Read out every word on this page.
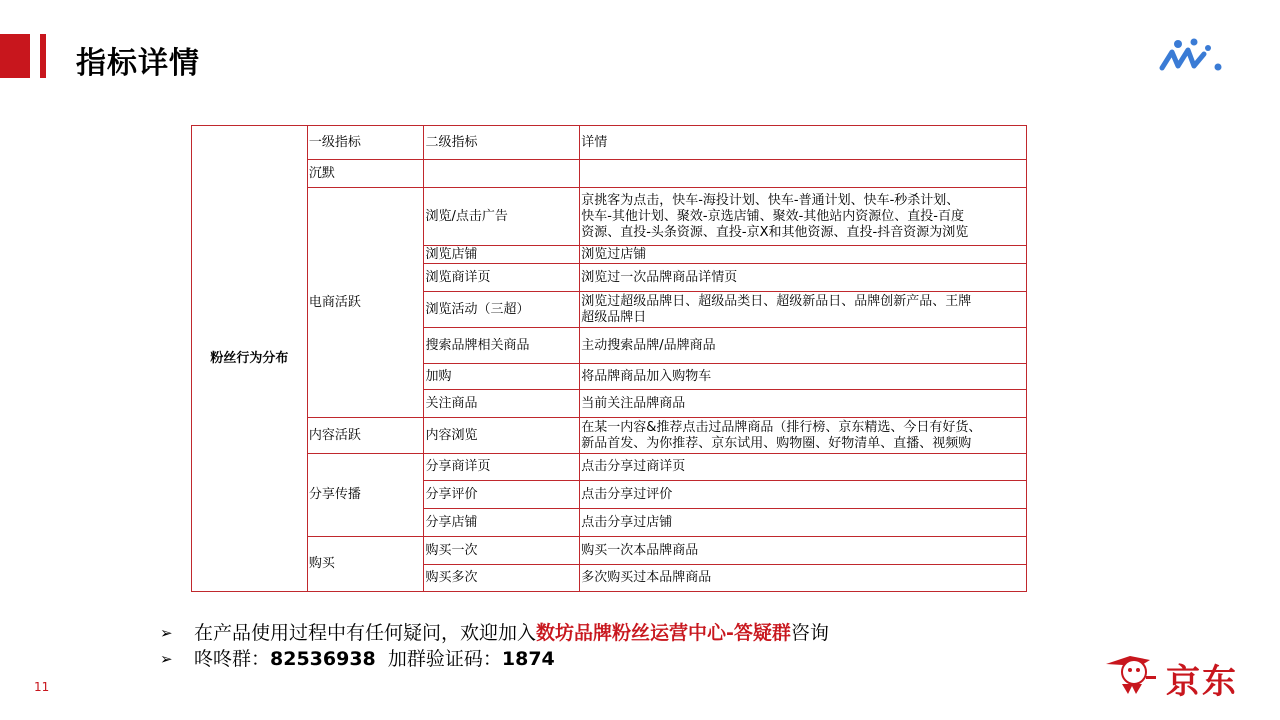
指标详情
粉丝行为分布	一级指标	二级指标	详情
	沉默		
	电商活跃	浏览/点击广告	京挑客为点击，快车-海投计划、快车-普通计划、快车-秒杀计划、
快车-其他计划、聚效-京选店铺、聚效-其他站内资源位、直投-百度
资源、直投-头条资源、直投-京X和其他资源、直投-抖音资源为浏览

		浏览店铺	浏览过店铺
		浏览商详页	浏览过一次品牌商品详情页
		浏览活动（三超）	浏览过超级品牌日、超级品类日、超级新品日、品牌创新产品、王牌
超级品牌日

		搜索品牌相关商品	主动搜索品牌/品牌商品
		加购	将品牌商品加入购物车
		关注商品	当前关注品牌商品
	内容活跃	内容浏览	在某一内容&推荐点击过品牌商品（排行榜、京东精选、今日有好货、
新品首发、为你推荐、京东试用、购物圈、好物清单、直播、视频购

	分享传播	分享商详页	点击分享过商详页
		分享评价	点击分享过评价
		分享店铺	点击分享过店铺
	购买	购买一次	购买一次本品牌商品
		购买多次	多次购买过本品牌商品
➢	在产品使用过程中有任何疑问，欢迎加入 数坊品牌粉丝运营中心-答疑群 咨询
➢	咚咚群： 82536938 加群验证码： 1874
11	京东
